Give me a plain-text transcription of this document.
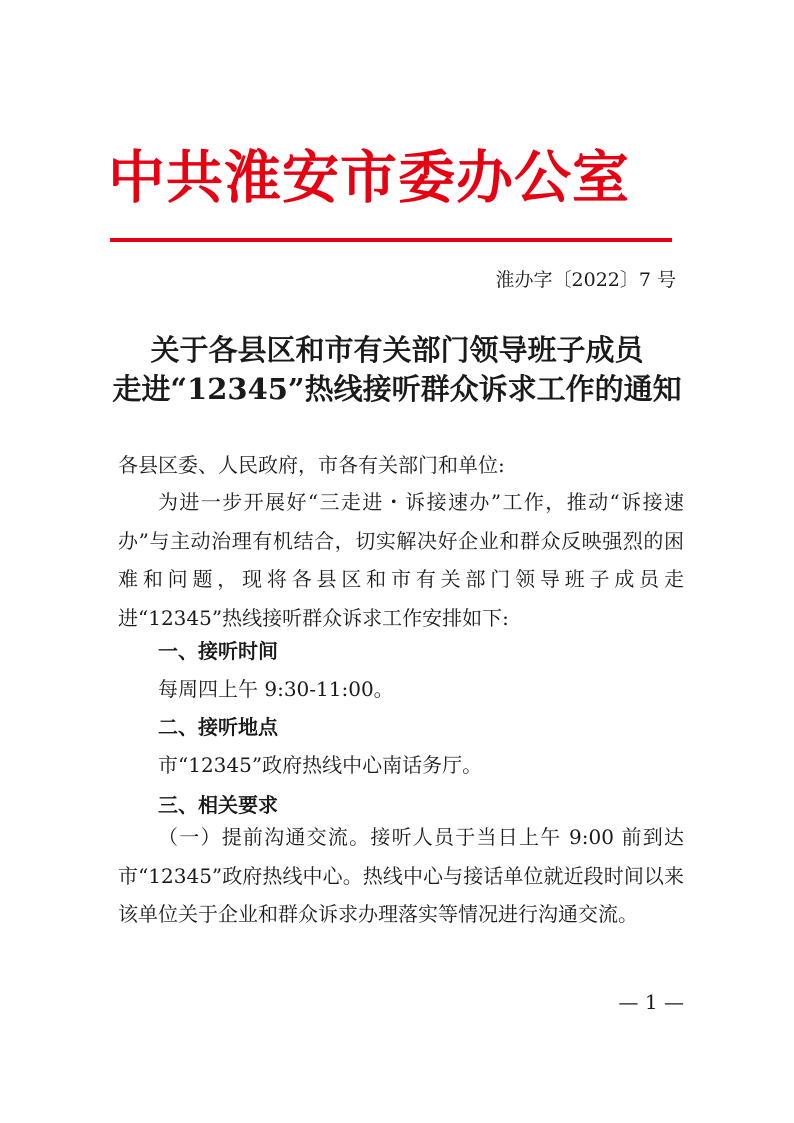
中共淮安市委办公室
淮办字〔2022〕7 号
关于各县区和市有关部门领导班子成员
走进“12345”热线接听群众诉求工作的通知
各县区委、人民政府，市各有关部门和单位:
为进一步开展好“三走进・诉接速办”工作，推动“诉接速办”与主动治理有机结合，切实解决好企业和群众反映强烈的困难和问题，现将各县区和市有关部门领导班子成员走进“12345”热线接听群众诉求工作安排如下:
一、接听时间
每周四上午 9:30-11:00。
二、接听地点
市“12345”政府热线中心南话务厅。
三、相关要求
（一）提前沟通交流。接听人员于当日上午 9:00 前到达市“12345”政府热线中心。热线中心与接话单位就近段时间以来该单位关于企业和群众诉求办理落实等情况进行沟通交流。
— 1 —
